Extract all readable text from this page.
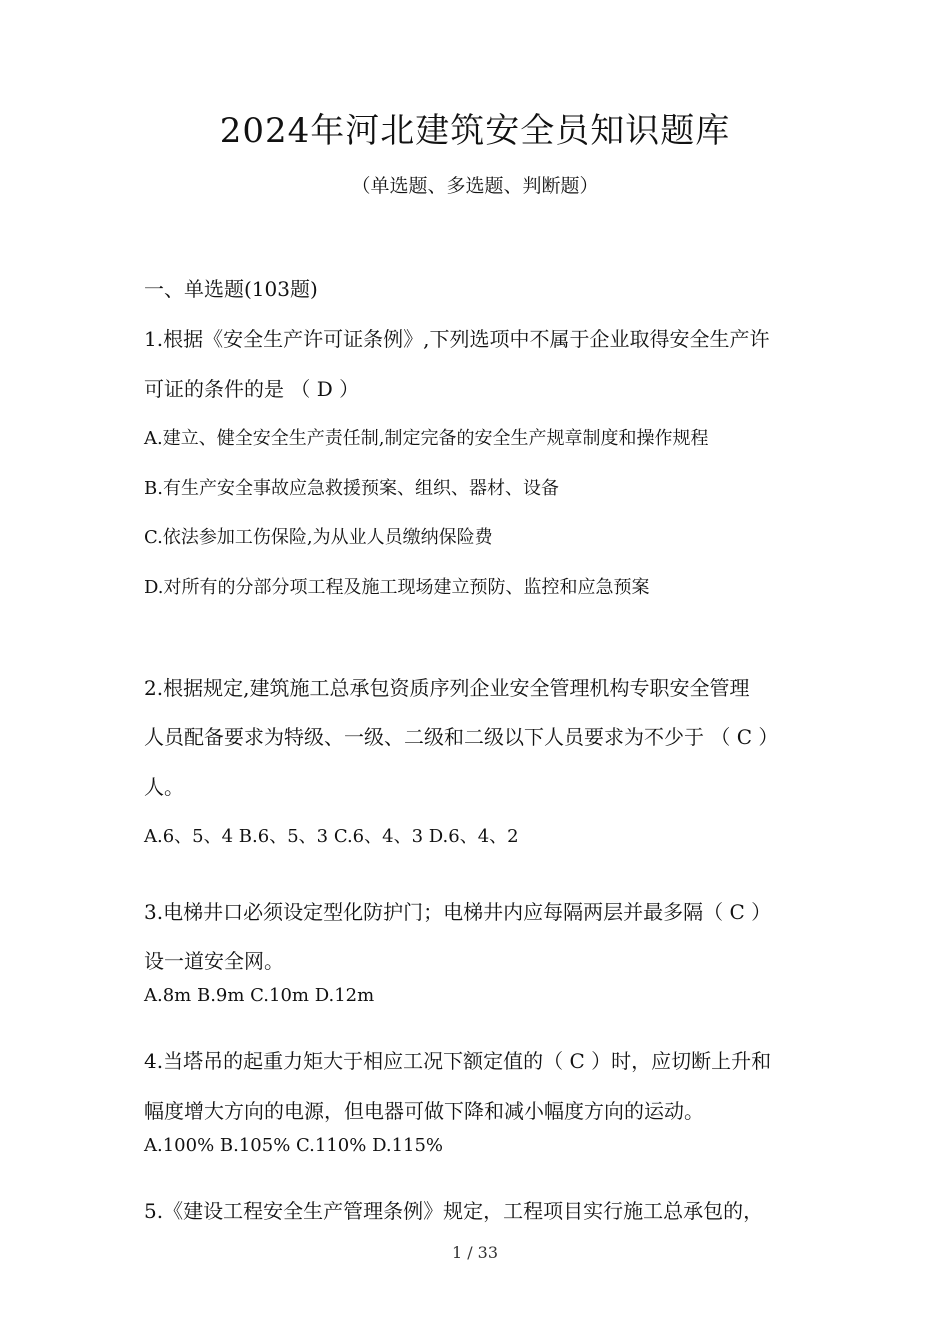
2024年河北建筑安全员知识题库
（单选题、多选题、判断题）
一、单选题(103题)
1.根据《安全生产许可证条例》,下列选项中不属于企业取得安全生产许
可证的条件的是 （ D ）
A.建立、健全安全生产责任制,制定完备的安全生产规章制度和操作规程
B.有生产安全事故应急救援预案、组织、器材、设备
C.依法参加工伤保险,为从业人员缴纳保险费
D.对所有的分部分项工程及施工现场建立预防、监控和应急预案
2.根据规定,建筑施工总承包资质序列企业安全管理机构专职安全管理
人员配备要求为特级、一级、二级和二级以下人员要求为不少于 （ C ）
人。
A.6、5、4 B.6、5、3 C.6、4、3 D.6、4、2
3.电梯井口必须设定型化防护门；电梯井内应每隔两层并最多隔（ C ）
设一道安全网。
A.8m B.9m C.10m D.12m
4.当塔吊的起重力矩大于相应工况下额定值的（ C ）时，应切断上升和
幅度增大方向的电源，但电器可做下降和减小幅度方向的运动。
A.100% B.105% C.110% D.115%
5.《建设工程安全生产管理条例》规定，工程项目实行施工总承包的，
1 / 33
